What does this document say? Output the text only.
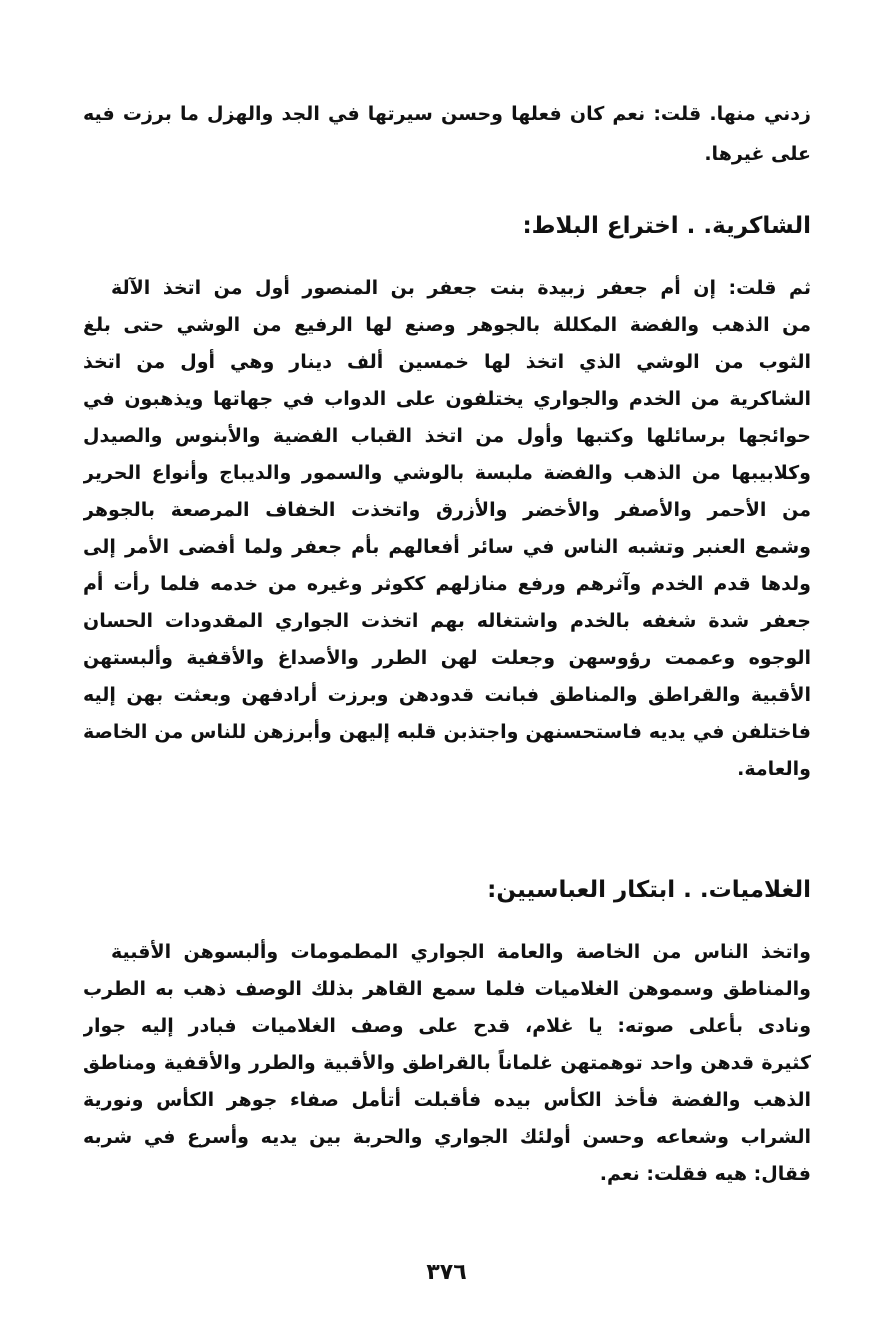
زدني منها. قلت: نعم كان فعلها وحسن سيرتها في الجد والهزل ما برزت فيه
على غيرها.
الشاكرية. . اختراع البلاط:
ثم قلت: إن أم جعفر زبيدة بنت جعفر بن المنصور أول من اتخذ الآلة
من الذهب والفضة المكللة بالجوهر وصنع لها الرفيع من الوشي حتى بلغ
الثوب من الوشي الذي اتخذ لها خمسين ألف دينار وهي أول من اتخذ
الشاكرية من الخدم والجواري يختلفون على الدواب في جهاتها ويذهبون في
حوائجها برسائلها وكتبها وأول من اتخذ القباب الفضية والأبنوس والصيدل
وكلابيبها من الذهب والفضة ملبسة بالوشي والسمور والديباج وأنواع الحرير
من الأحمر والأصفر والأخضر والأزرق واتخذت الخفاف المرصعة بالجوهر
وشمع العنبر وتشبه الناس في سائر أفعالهم بأم جعفر ولما أفضى الأمر إلى
ولدها قدم الخدم وآثرهم ورفع منازلهم ككوثر وغيره من خدمه فلما رأت أم
جعفر شدة شغفه بالخدم واشتغاله بهم اتخذت الجواري المقدودات الحسان
الوجوه وعممت رؤوسهن وجعلت لهن الطرر والأصداغ والأقفية وألبستهن
الأقبية والقراطق والمناطق فبانت قدودهن وبرزت أرادفهن وبعثت بهن إليه
فاختلفن في يديه فاستحسنهن واجتذبن قلبه إليهن وأبرزهن للناس من الخاصة
والعامة.
الغلاميات. . ابتكار العباسيين:
واتخذ الناس من الخاصة والعامة الجواري المطمومات وألبسوهن الأقبية
والمناطق وسموهن الغلاميات فلما سمع القاهر بذلك الوصف ذهب به الطرب
ونادى بأعلى صوته: يا غلام، قدح على وصف الغلاميات فبادر إليه جوار
كثيرة قدهن واحد توهمتهن غلماناً بالقراطق والأقبية والطرر والأقفية ومناطق
الذهب والفضة فأخذ الكأس بيده فأقبلت أتأمل صفاء جوهر الكأس ونورية
الشراب وشعاعه وحسن أولئك الجواري والحربة بين يديه وأسرع في شربه
فقال: هيه فقلت: نعم.
٣٧٦
